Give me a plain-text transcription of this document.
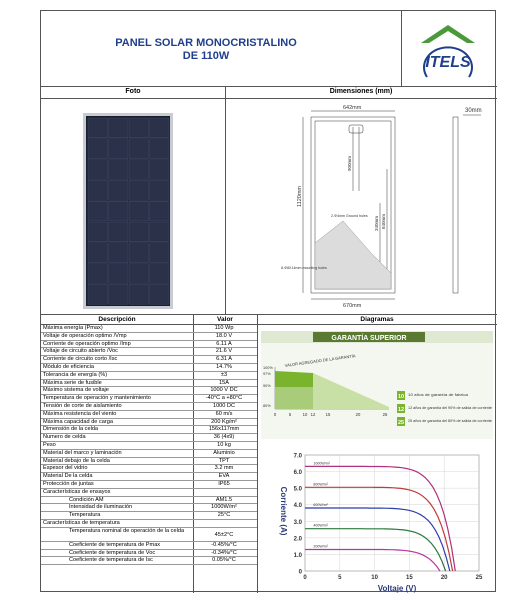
PANEL SOLAR MONOCRISTALINO
DE 110W	ITELS
Foto	Dimensiones (mm)
642mm	30mm
1120mm
900mm
340mm 840mm
670mm
2-Φ4mm Ground holes
8-Φ8X14mm mounting holes
Descripción	Valor	Diagramas
Máxima energía (Pmax)	110 Wp
Voltaje de operación optimo /Vmp	18.0 V
Corriente de operación optimo /Imp	6.11 A
Voltaje de circuito abierto /Voc	21.6 V
Corriente de circuito corto /Isc	6.31 A
Módulo de eficiencia	14.7%
Tolerancia de energía (%)	±3
Máxima serie de fusible	15A
Máximo sistema de voltaje	1000 V DC
Temperatura de operación y mantenimiento	-40°C a +80°C
Tensión de corte de aislamiento	1000 DC
Máxima resistencia del viento	60 m/s
Máxima capacidad de carga	200 Kg/m²
Dimensión de la celda	156x117mm
Numero de celda	36 (4x9)
Peso	10 kg
Material del marco y laminación	Aluminio
Material debajo de la celda	TPT
Espesor del vidrio	3.2 mm
Material De la celda	EVA
Protección de juntas	IP65
Características de ensayos
Condición AM	AM1.5
Intensidad de iluminación	1000W/m²
Temperatura	25°C
Características de temperatura
Temperatura nominal de operación de la celda
45±2°C
Coeficiente de temperatura de Pmax	-0.45%/°C
Coeficiente de temperatura de Voc	-0.34%/°C
Coeficiente de temperatura de Isc	0.05%/°C
GARANTÍA SUPERIOR
100%
97%
90%
80%
VALOR AGREGADO DE LA GARANTÍA
0	5	10 12 15	20	25
10 10 años de garantía de fabrica
12 12 años de garantía del 90% de salida de corriente
25 25 años de garantía del 80% de salida de corriente
Corriente (A)
Voltaje (V)
0
1.0
2.0
3.0
4.0
5.0
6.0
7.0
0	5	10	15	20	25
1000W/m²
800W/m²
600W/m²
400W/m²
200W/m²
